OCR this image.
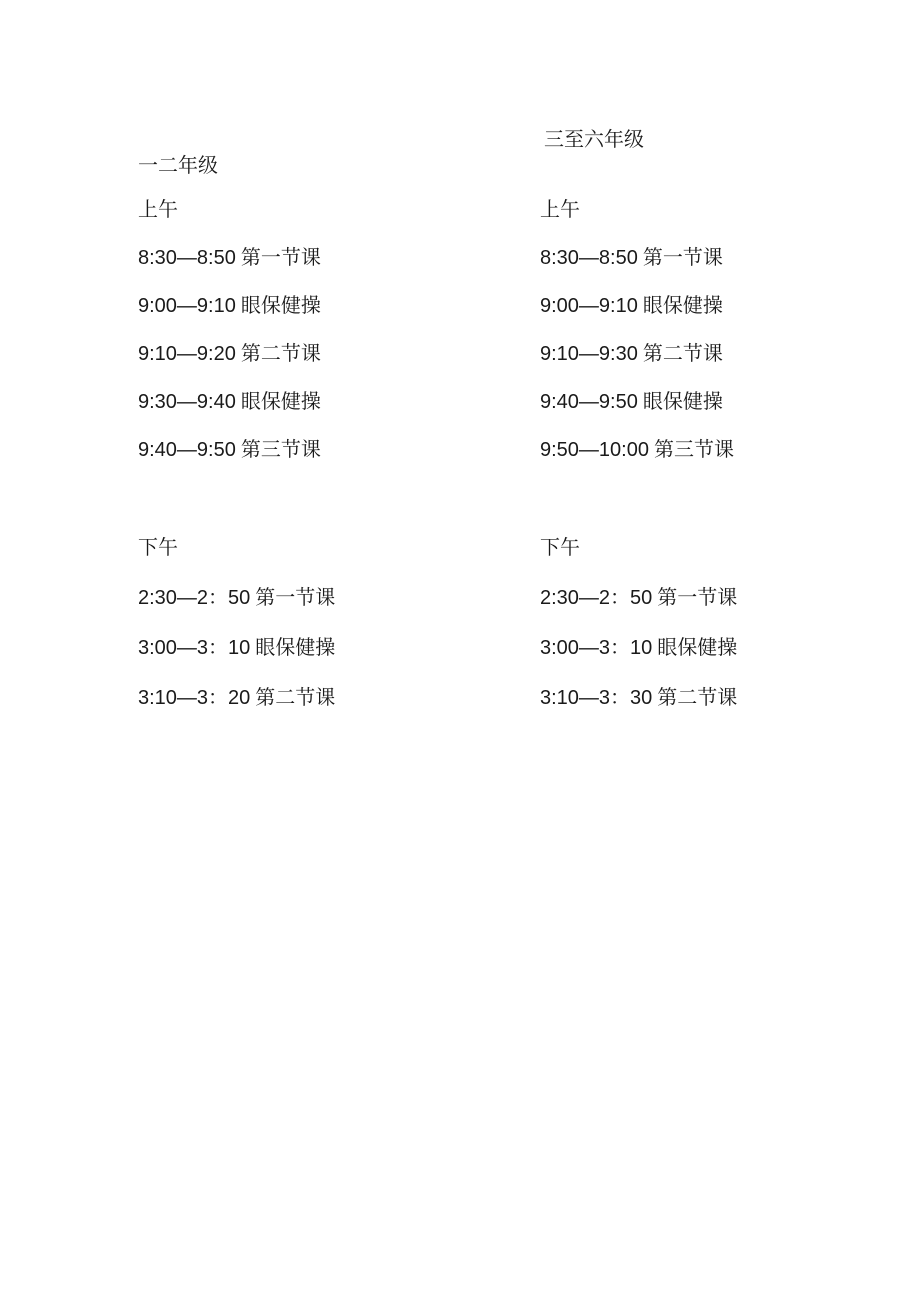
一二年级
上午
8:30—8:50 第一节课
9:00—9:10 眼保健操
9:10—9:20 第二节课
9:30—9:40 眼保健操
9:40—9:50 第三节课
下午
2:30—2：50 第一节课
3:00—3：10 眼保健操
3:10—3：20 第二节课
三至六年级
上午
8:30—8:50 第一节课
9:00—9:10 眼保健操
9:10—9:30 第二节课
9:40—9:50 眼保健操
9:50—10:00 第三节课
下午
2:30—2：50 第一节课
3:00—3：10 眼保健操
3:10—3：30 第二节课
